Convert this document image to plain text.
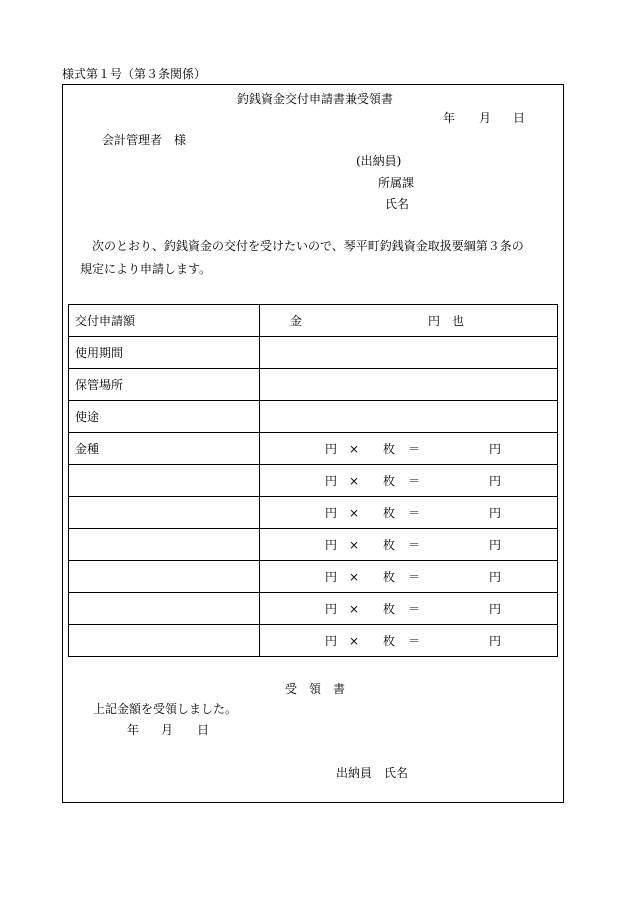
様式第１号（第３条関係）
釣銭資金交付申請書兼受領書
年 月 日
会計管理者　様
(出納員)
所属課
氏名
次のとおり、釣銭資金の交付を受けたいので、琴平町釣銭資金取扱要綱第３条の
規定により申請します。
交付申請額	金 円　也

使用期間	

保管場所	

使途	

金種	円 × 枚 ＝ 円

	円 × 枚 ＝ 円

	円 × 枚 ＝ 円

	円 × 枚 ＝ 円

	円 × 枚 ＝ 円

	円 × 枚 ＝ 円

	円 × 枚 ＝ 円
受　領　書
上記金額を受領しました。
年 月 日
出納員　氏名
